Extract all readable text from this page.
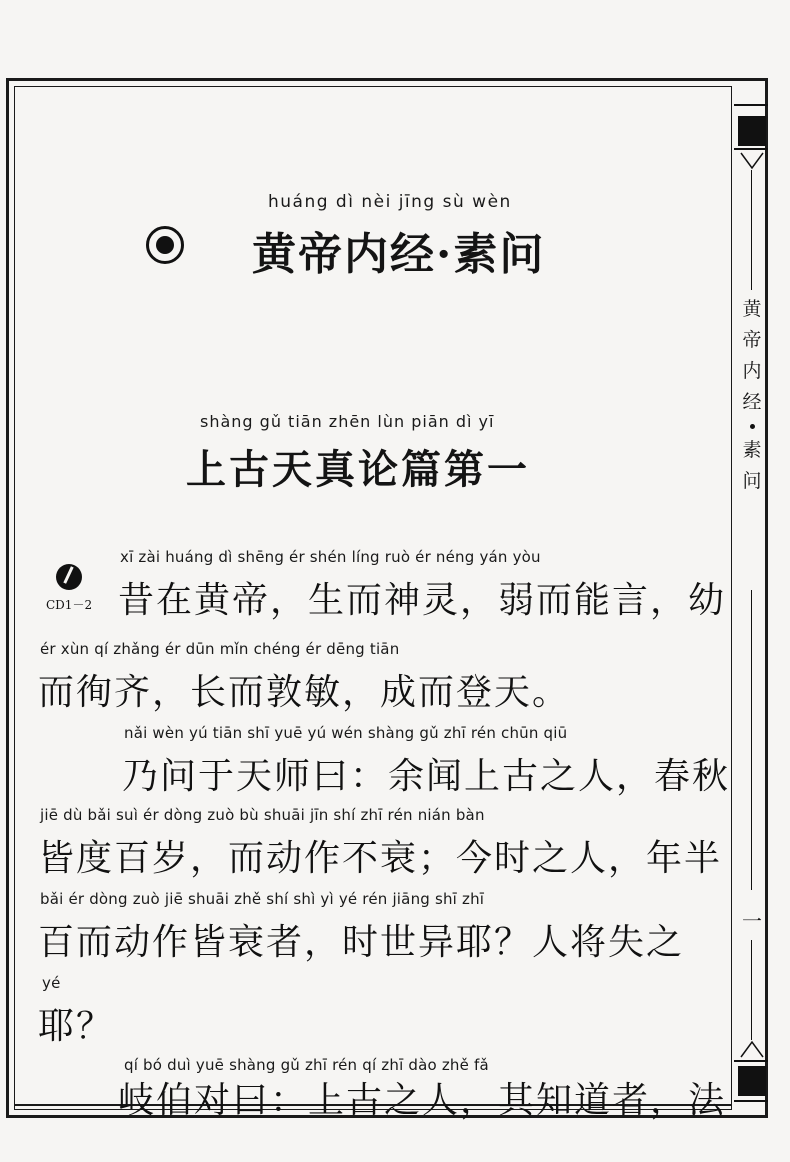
黄
帝
内
经
素
问
一
huáng dì nèi jīng sù wèn
黄帝内经·素问
shàng gǔ tiān zhēn lùn piān dì yī
上古天真论篇第一
CD1－2
xī zài huáng dì shēng ér shén líng ruò ér néng yán yòu
昔在黄帝，生而神灵，弱而能言，幼
ér xùn qí zhǎng ér dūn mǐn chéng ér dēng tiān
而徇齐，长而敦敏，成而登天。
nǎi wèn yú tiān shī yuē yú wén shàng gǔ zhī rén chūn qiū
乃问于天师曰：余闻上古之人，春秋
jiē dù bǎi suì ér dòng zuò bù shuāi jīn shí zhī rén nián bàn
皆度百岁，而动作不衰；今时之人，年半
bǎi ér dòng zuò jiē shuāi zhě shí shì yì yé rén jiāng shī zhī
百而动作皆衰者，时世异耶？人将失之
yé
耶？
qí bó duì yuē shàng gǔ zhī rén qí zhī dào zhě fǎ
岐伯对曰：上古之人，其知道者，法
